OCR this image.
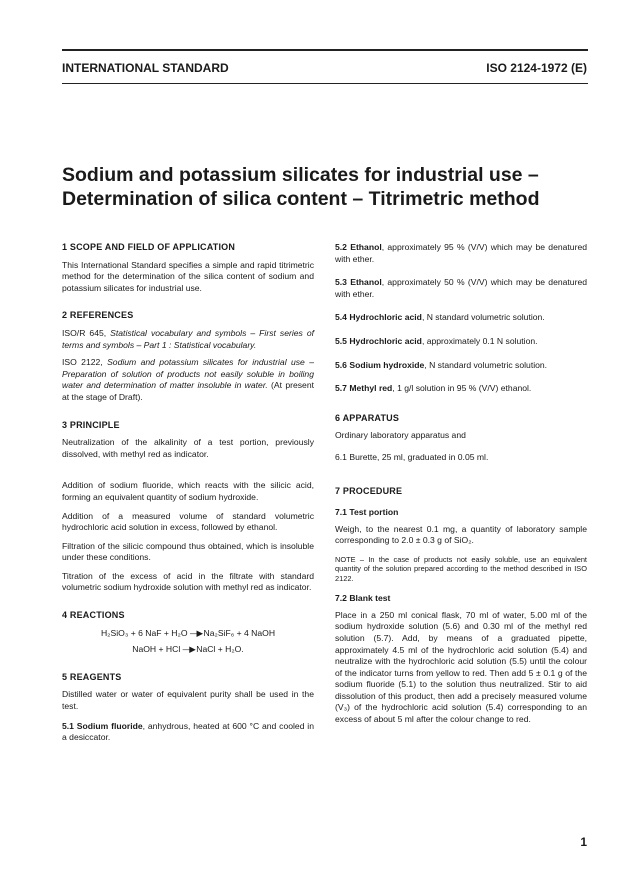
INTERNATIONAL STANDARD	ISO 2124-1972 (E)
Sodium and potassium silicates for industrial use –
Determination of silica content – Titrimetric method
1 SCOPE AND FIELD OF APPLICATION

This International Standard specifies a simple and rapid titrimetric method for the determination of the silica content of sodium and potassium silicates for industrial use.

2 REFERENCES

ISO/R 645, Statistical vocabulary and symbols – First series of terms and symbols – Part 1 : Statistical vocabulary.

ISO 2122, Sodium and potassium silicates for industrial use – Preparation of solution of products not easily soluble in boiling water and determination of matter insoluble in water. (At present at the stage of Draft).

3 PRINCIPLE

Neutralization of the alkalinity of a test portion, previously dissolved, with methyl red as indicator.

Addition of sodium fluoride, which reacts with the silicic acid, forming an equivalent quantity of sodium hydroxide.

Addition of a measured volume of standard volumetric hydrochloric acid solution in excess, followed by ethanol.

Filtration of the silicic compound thus obtained, which is insoluble under these conditions.

Titration of the excess of acid in the filtrate with standard volumetric sodium hydroxide solution with methyl red as indicator.

4 REACTIONS
H₂SiO₃ + 6 NaF + H₂O —▶ Na₂SiF₆ + 4 NaOH
NaOH + HCl —▶ NaCl + H₂O.
5 REAGENTS

Distilled water or water of equivalent purity shall be used in the test.

5.1 Sodium fluoride, anhydrous, heated at 600 °C and cooled in a desiccator.

5.2 Ethanol, approximately 95 % (V/V) which may be denatured with ether.

5.3 Ethanol, approximately 50 % (V/V) which may be denatured with ether.

5.4 Hydrochloric acid, N standard volumetric solution.

5.5 Hydrochloric acid, approximately 0.1 N solution.

5.6 Sodium hydroxide, N standard volumetric solution.

5.7 Methyl red, 1 g/l solution in 95 % (V/V) ethanol.

6 APPARATUS

Ordinary laboratory apparatus and

6.1 Burette, 25 ml, graduated in 0.05 ml.

7 PROCEDURE

7.1 Test portion

Weigh, to the nearest 0.1 mg, a quantity of laboratory sample corresponding to 2.0 ± 0.3 g of SiO₂.

NOTE – In the case of products not easily soluble, use an equivalent quantity of the solution prepared according to the method described in ISO 2122.

7.2 Blank test

Place in a 250 ml conical flask, 70 ml of water, 5.00 ml of the sodium hydroxide solution (5.6) and 0.30 ml of the methyl red solution (5.7). Add, by means of a graduated pipette, approximately 4.5 ml of the hydrochloric acid solution (5.4) and neutralize with the hydrochloric acid solution (5.5) until the colour of the indicator turns from yellow to red. Then add 5 ± 0.1 g of the sodium fluoride (5.1) to the solution thus neutralized. Stir to aid dissolution of this product, then add a precisely measured volume (V₃) of the hydrochloric acid solution (5.4) corresponding to an excess of about 5 ml after the colour change to red.

1
